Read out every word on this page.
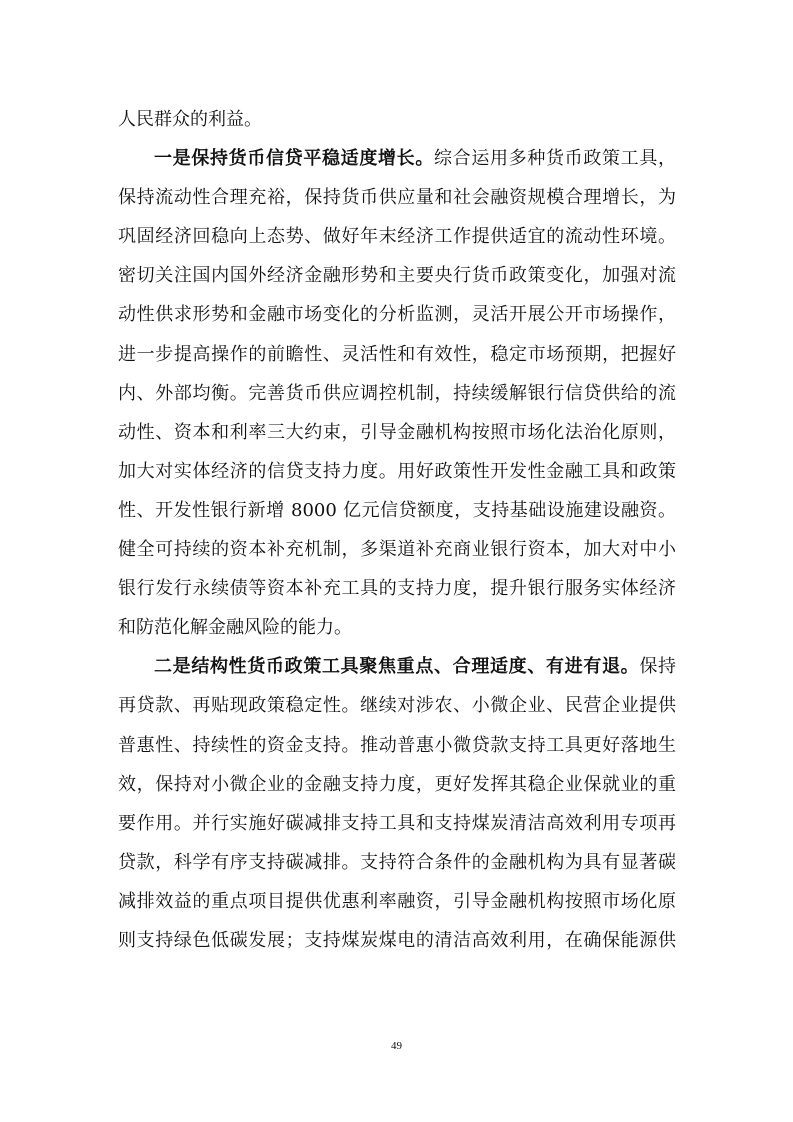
人民群众的利益。
一是保持货币信贷平稳适度增长。综合运用多种货币政策工具，
保持流动性合理充裕，保持货币供应量和社会融资规模合理增长，为
巩固经济回稳向上态势、做好年末经济工作提供适宜的流动性环境。
密切关注国内国外经济金融形势和主要央行货币政策变化，加强对流
动性供求形势和金融市场变化的分析监测，灵活开展公开市场操作，
进一步提高操作的前瞻性、灵活性和有效性，稳定市场预期，把握好
内、外部均衡。完善货币供应调控机制，持续缓解银行信贷供给的流
动性、资本和利率三大约束，引导金融机构按照市场化法治化原则，
加大对实体经济的信贷支持力度。用好政策性开发性金融工具和政策
性、开发性银行新增 8000 亿元信贷额度，支持基础设施建设融资。
健全可持续的资本补充机制，多渠道补充商业银行资本，加大对中小
银行发行永续债等资本补充工具的支持力度，提升银行服务实体经济
和防范化解金融风险的能力。
二是结构性货币政策工具聚焦重点、合理适度、有进有退。保持
再贷款、再贴现政策稳定性。继续对涉农、小微企业、民营企业提供
普惠性、持续性的资金支持。推动普惠小微贷款支持工具更好落地生
效，保持对小微企业的金融支持力度，更好发挥其稳企业保就业的重
要作用。并行实施好碳减排支持工具和支持煤炭清洁高效利用专项再
贷款，科学有序支持碳减排。支持符合条件的金融机构为具有显著碳
减排效益的重点项目提供优惠利率融资，引导金融机构按照市场化原
则支持绿色低碳发展；支持煤炭煤电的清洁高效利用，在确保能源供
49
